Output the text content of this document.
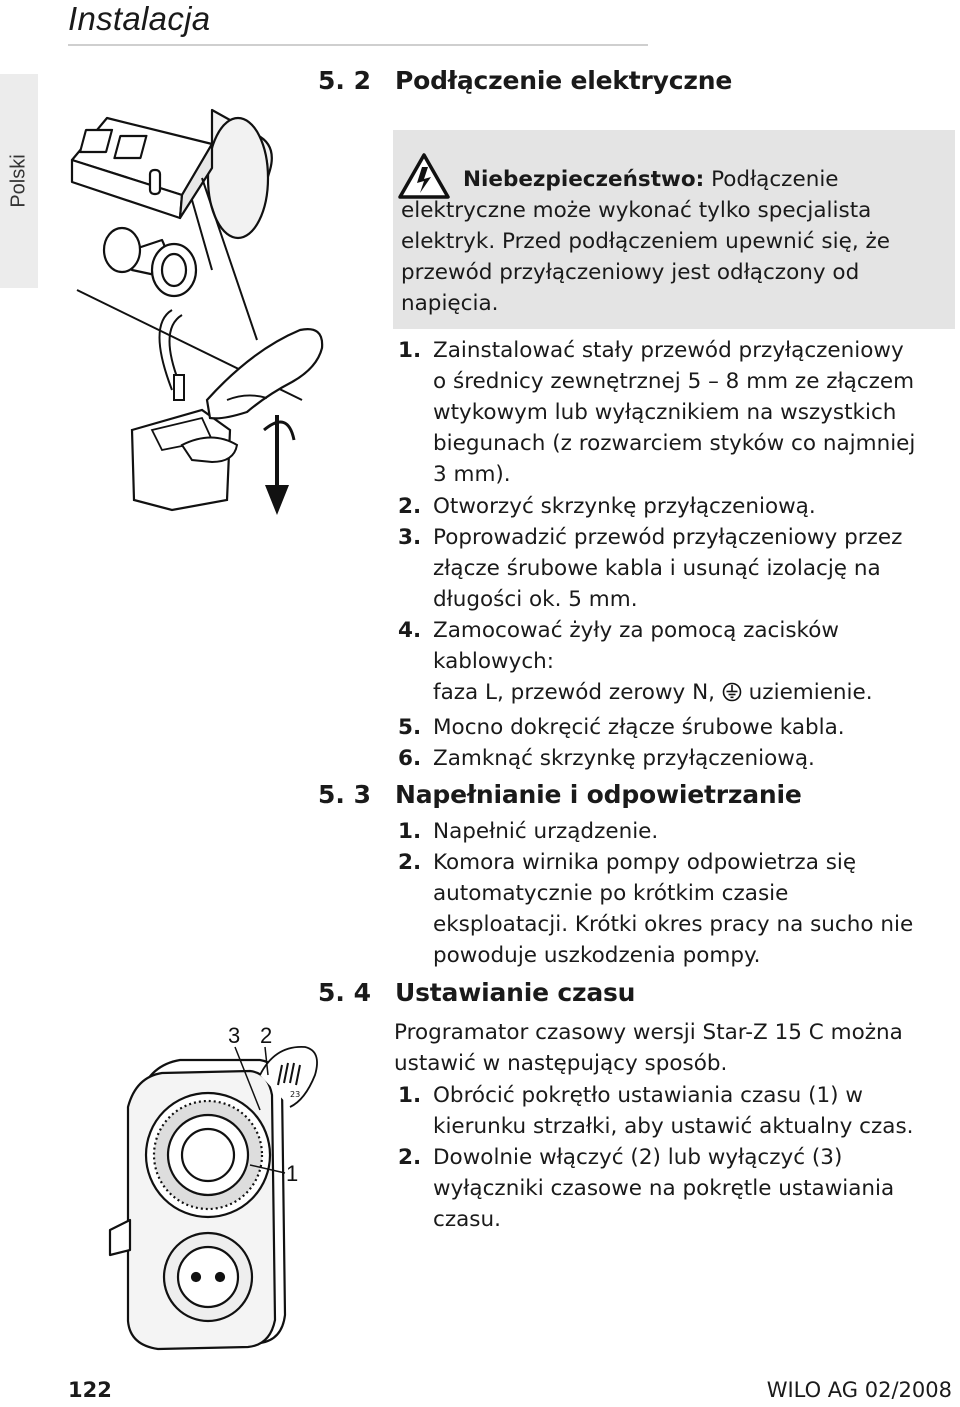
Instalacja
Polski
5. 2 Podłączenie elektryczne
Niebezpieczeństwo: Podłączenie
elektryczne może wykonać tylko specjalista
elektryk. Przed podłączeniem upewnić się, że
przewód przyłączeniowy jest odłączony od
napięcia.
1. Zainstalować stały przewód przyłączeniowy
o średnicy zewnętrznej 5 – 8 mm ze złączem
wtykowym lub wyłącznikiem na wszystkich
biegunach (z rozwarciem styków co najmniej
3 mm).
2. Otworzyć skrzynkę przyłączeniową.
3. Poprowadzić przewód przyłączeniowy przez
złącze śrubowe kabla i usunąć izolację na
długości ok. 5 mm.
4. Zamocować żyły za pomocą zacisków
kablowych:
faza L, przewód zerowy N,  uziemienie.
5. Mocno dokręcić złącze śrubowe kabla.
6. Zamknąć skrzynkę przyłączeniową.
5. 3 Napełnianie i odpowietrzanie
1. Napełnić urządzenie.
2. Komora wirnika pompy odpowietrza się
automatycznie po krótkim czasie
eksploatacji. Krótki okres pracy na sucho nie
powoduje uszkodzenia pompy.
5. 4 Ustawianie czasu
Programator czasowy wersji Star-Z 15 C można
ustawić w następujący sposób.
1. Obrócić pokrętło ustawiania czasu (1) w
kierunku strzałki, aby ustawić aktualny czas.
2. Dowolnie włączyć (2) lub wyłączyć (3)
wyłączniki czasowe na pokrętle ustawiania
czasu.
23
3 2
1
122	WILO AG 02/2008
